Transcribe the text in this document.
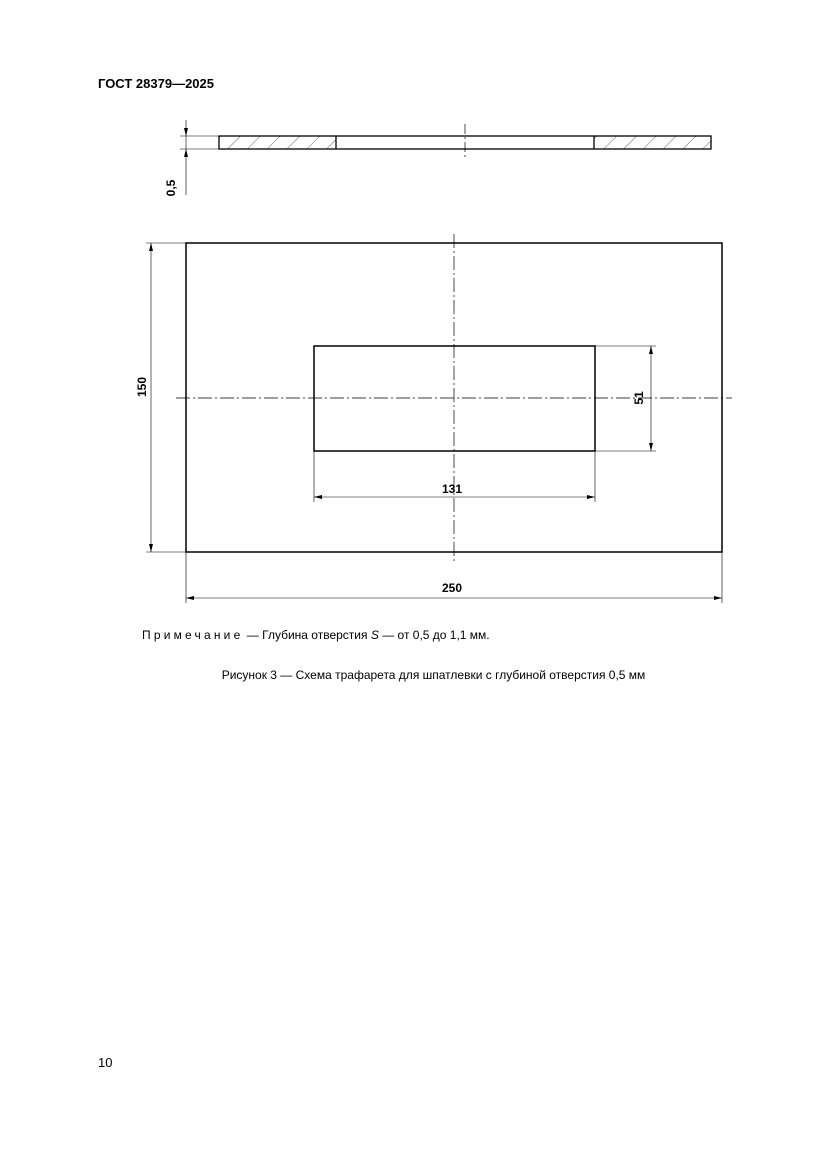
ГОСТ 28379—2025
0,5
150
51
131
250
Примечание — Глубина отверстия S — от 0,5 до 1,1 мм.
Рисунок 3 — Схема трафарета для шпатлевки с глубиной отверстия 0,5 мм
10
